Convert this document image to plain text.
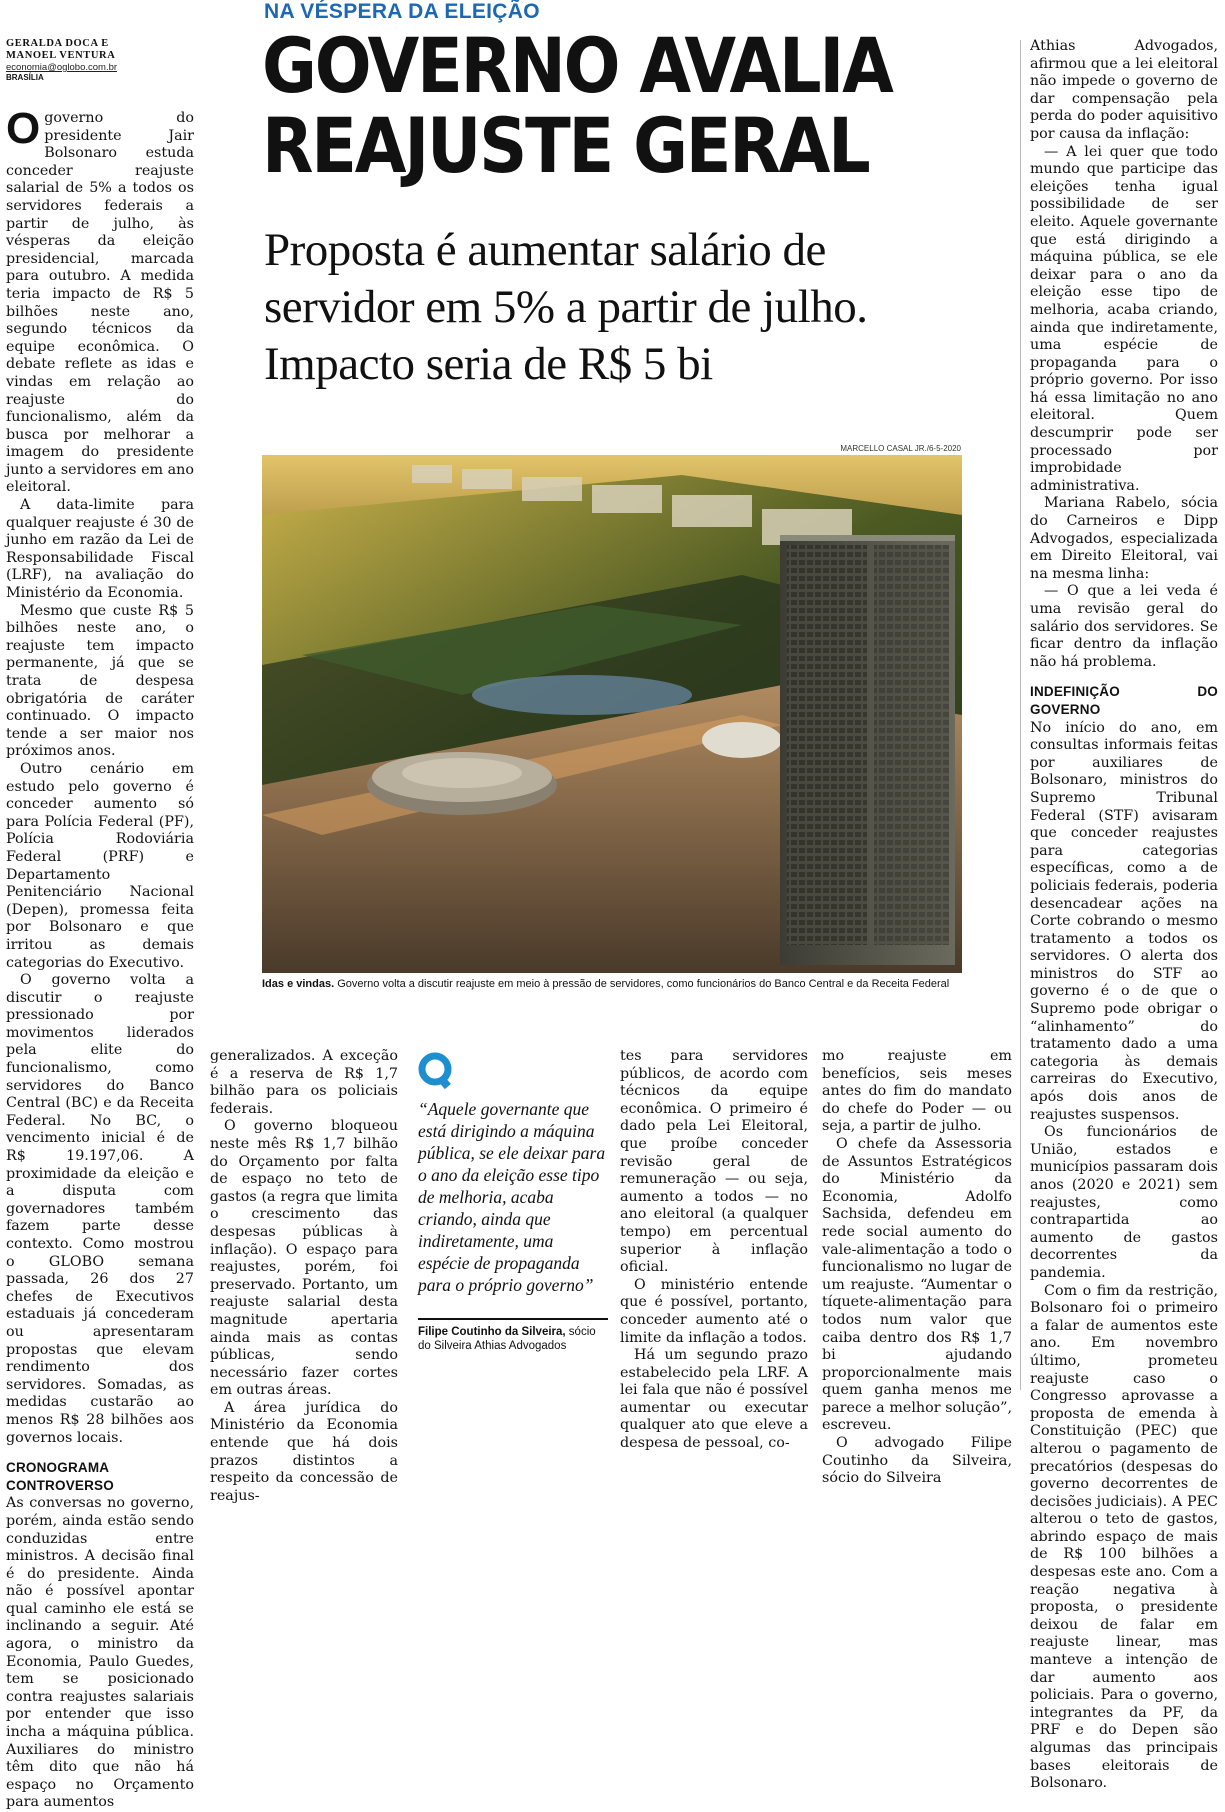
GERALDA DOCA E
MANOEL VENTURA
economia@oglobo.com.br
BRASÍLIA
NA VÉSPERA DA ELEIÇÃO
GOVERNO AVALIA REAJUSTE GERAL
Proposta é aumentar salário de servidor em 5% a partir de julho. Impacto seria de R$ 5 bi

O governo do presidente Jair Bolsonaro estuda conceder reajuste salarial de 5% a todos os servidores federais a partir de julho, às vésperas da eleição presidencial, marcada para outubro. A medida teria impacto de R$ 5 bilhões neste ano, segundo técnicos da equipe econômica. O debate reflete as idas e vindas em relação ao reajuste do funcionalismo, além da busca por melhorar a imagem do presidente junto a servidores em ano eleitoral.

A data-limite para qualquer reajuste é 30 de junho em razão da Lei de Responsabilidade Fiscal (LRF), na avaliação do Ministério da Economia.

Mesmo que custe R$ 5 bilhões neste ano, o reajuste tem impacto permanente, já que se trata de despesa obrigatória de caráter continuado. O impacto tende a ser maior nos próximos anos.

Outro cenário em estudo pelo governo é conceder aumento só para Polícia Federal (PF), Polícia Rodoviária Federal (PRF) e Departamento Penitenciário Nacional (Depen), promessa feita por Bolsonaro e que irritou as demais categorias do Executivo.

O governo volta a discutir o reajuste pressionado por movimentos liderados pela elite do funcionalismo, como servidores do Banco Central (BC) e da Receita Federal. No BC, o vencimento inicial é de R$ 19.197,06. A proximidade da eleição e a disputa com governadores também fazem parte desse contexto. Como mostrou o GLOBO semana passada, 26 dos 27 chefes de Executivos estaduais já concederam ou apresentaram propostas que elevam rendimento dos servidores. Somadas, as medidas custarão ao menos R$ 28 bilhões aos governos locais.

CRONOGRAMA CONTROVERSO

As conversas no governo, porém, ainda estão sendo conduzidas entre ministros. A decisão final é do presidente. Ainda não é possível apontar qual caminho ele está se inclinando a seguir. Até agora, o ministro da Economia, Paulo Guedes, tem se posicionado contra reajustes salariais por entender que isso incha a máquina pública. Auxiliares do ministro têm dito que não há espaço no Orçamento para aumentos

MARCELLO CASAL JR./6-5-2020
Idas e vindas. Governo volta a discutir reajuste em meio à pressão de servidores, como funcionários do Banco Central e da Receita Federal

generalizados. A exceção é a reserva de R$ 1,7 bilhão para os policiais federais.

O governo bloqueou neste mês R$ 1,7 bilhão do Orçamento por falta de espaço no teto de gastos (a regra que limita o crescimento das despesas públicas à inflação). O espaço para reajustes, porém, foi preservado. Portanto, um reajuste salarial desta magnitude apertaria ainda mais as contas públicas, sendo necessário fazer cortes em outras áreas.

A área jurídica do Ministério da Economia entende que há dois prazos distintos a respeito da concessão de reajus-

“Aquele governante que está dirigindo a máquina pública, se ele deixar para o ano da eleição esse tipo de melhoria, acaba criando, ainda que indiretamente, uma espécie de propaganda para o próprio governo”
Filipe Coutinho da Silveira, sócio do Silveira Athias Advogados

tes para servidores públicos, de acordo com técnicos da equipe econômica. O primeiro é dado pela Lei Eleitoral, que proíbe conceder revisão geral de remuneração — ou seja, aumento a todos — no ano eleitoral (a qualquer tempo) em percentual superior à inflação oficial.

O ministério entende que é possível, portanto, conceder aumento até o limite da inflação a todos.

Há um segundo prazo estabelecido pela LRF. A lei fala que não é possível aumentar ou executar qualquer ato que eleve a despesa de pessoal, co-

mo reajuste em benefícios, seis meses antes do fim do mandato do chefe do Poder — ou seja, a partir de julho.

O chefe da Assessoria de Assuntos Estratégicos do Ministério da Economia, Adolfo Sachsida, defendeu em rede social aumento do vale-alimentação a todo o funcionalismo no lugar de um reajuste. “Aumentar o tíquete-alimentação para todos num valor que caiba dentro dos R$ 1,7 bi ajudando proporcionalmente mais quem ganha menos me parece a melhor solução”, escreveu.

O advogado Filipe Coutinho da Silveira, sócio do Silveira

Athias Advogados, afirmou que a lei eleitoral não impede o governo de dar compensação pela perda do poder aquisitivo por causa da inflação:

— A lei quer que todo mundo que participe das eleições tenha igual possibilidade de ser eleito. Aquele governante que está dirigindo a máquina pública, se ele deixar para o ano da eleição esse tipo de melhoria, acaba criando, ainda que indiretamente, uma espécie de propaganda para o próprio governo. Por isso há essa limitação no ano eleitoral. Quem descumprir pode ser processado por improbidade administrativa.

Mariana Rabelo, sócia do Carneiros e Dipp Advogados, especializada em Direito Eleitoral, vai na mesma linha:

— O que a lei veda é uma revisão geral do salário dos servidores. Se ficar dentro da inflação não há problema.

INDEFINIÇÃO DO GOVERNO

No início do ano, em consultas informais feitas por auxiliares de Bolsonaro, ministros do Supremo Tribunal Federal (STF) avisaram que conceder reajustes para categorias específicas, como a de policiais federais, poderia desencadear ações na Corte cobrando o mesmo tratamento a todos os servidores. O alerta dos ministros do STF ao governo é o de que o Supremo pode obrigar o “alinhamento” do tratamento dado a uma categoria às demais carreiras do Executivo, após dois anos de reajustes suspensos.

Os funcionários de União, estados e municípios passaram dois anos (2020 e 2021) sem reajustes, como contrapartida ao aumento de gastos decorrentes da pandemia.

Com o fim da restrição, Bolsonaro foi o primeiro a falar de aumentos este ano. Em novembro último, prometeu reajuste caso o Congresso aprovasse a proposta de emenda à Constituição (PEC) que alterou o pagamento de precatórios (despesas do governo decorrentes de decisões judiciais). A PEC alterou o teto de gastos, abrindo espaço de mais de R$ 100 bilhões a despesas este ano. Com a reação negativa à proposta, o presidente deixou de falar em reajuste linear, mas manteve a intenção de dar aumento aos policiais. Para o governo, integrantes da PF, da PRF e do Depen são algumas das principais bases eleitorais de Bolsonaro.
